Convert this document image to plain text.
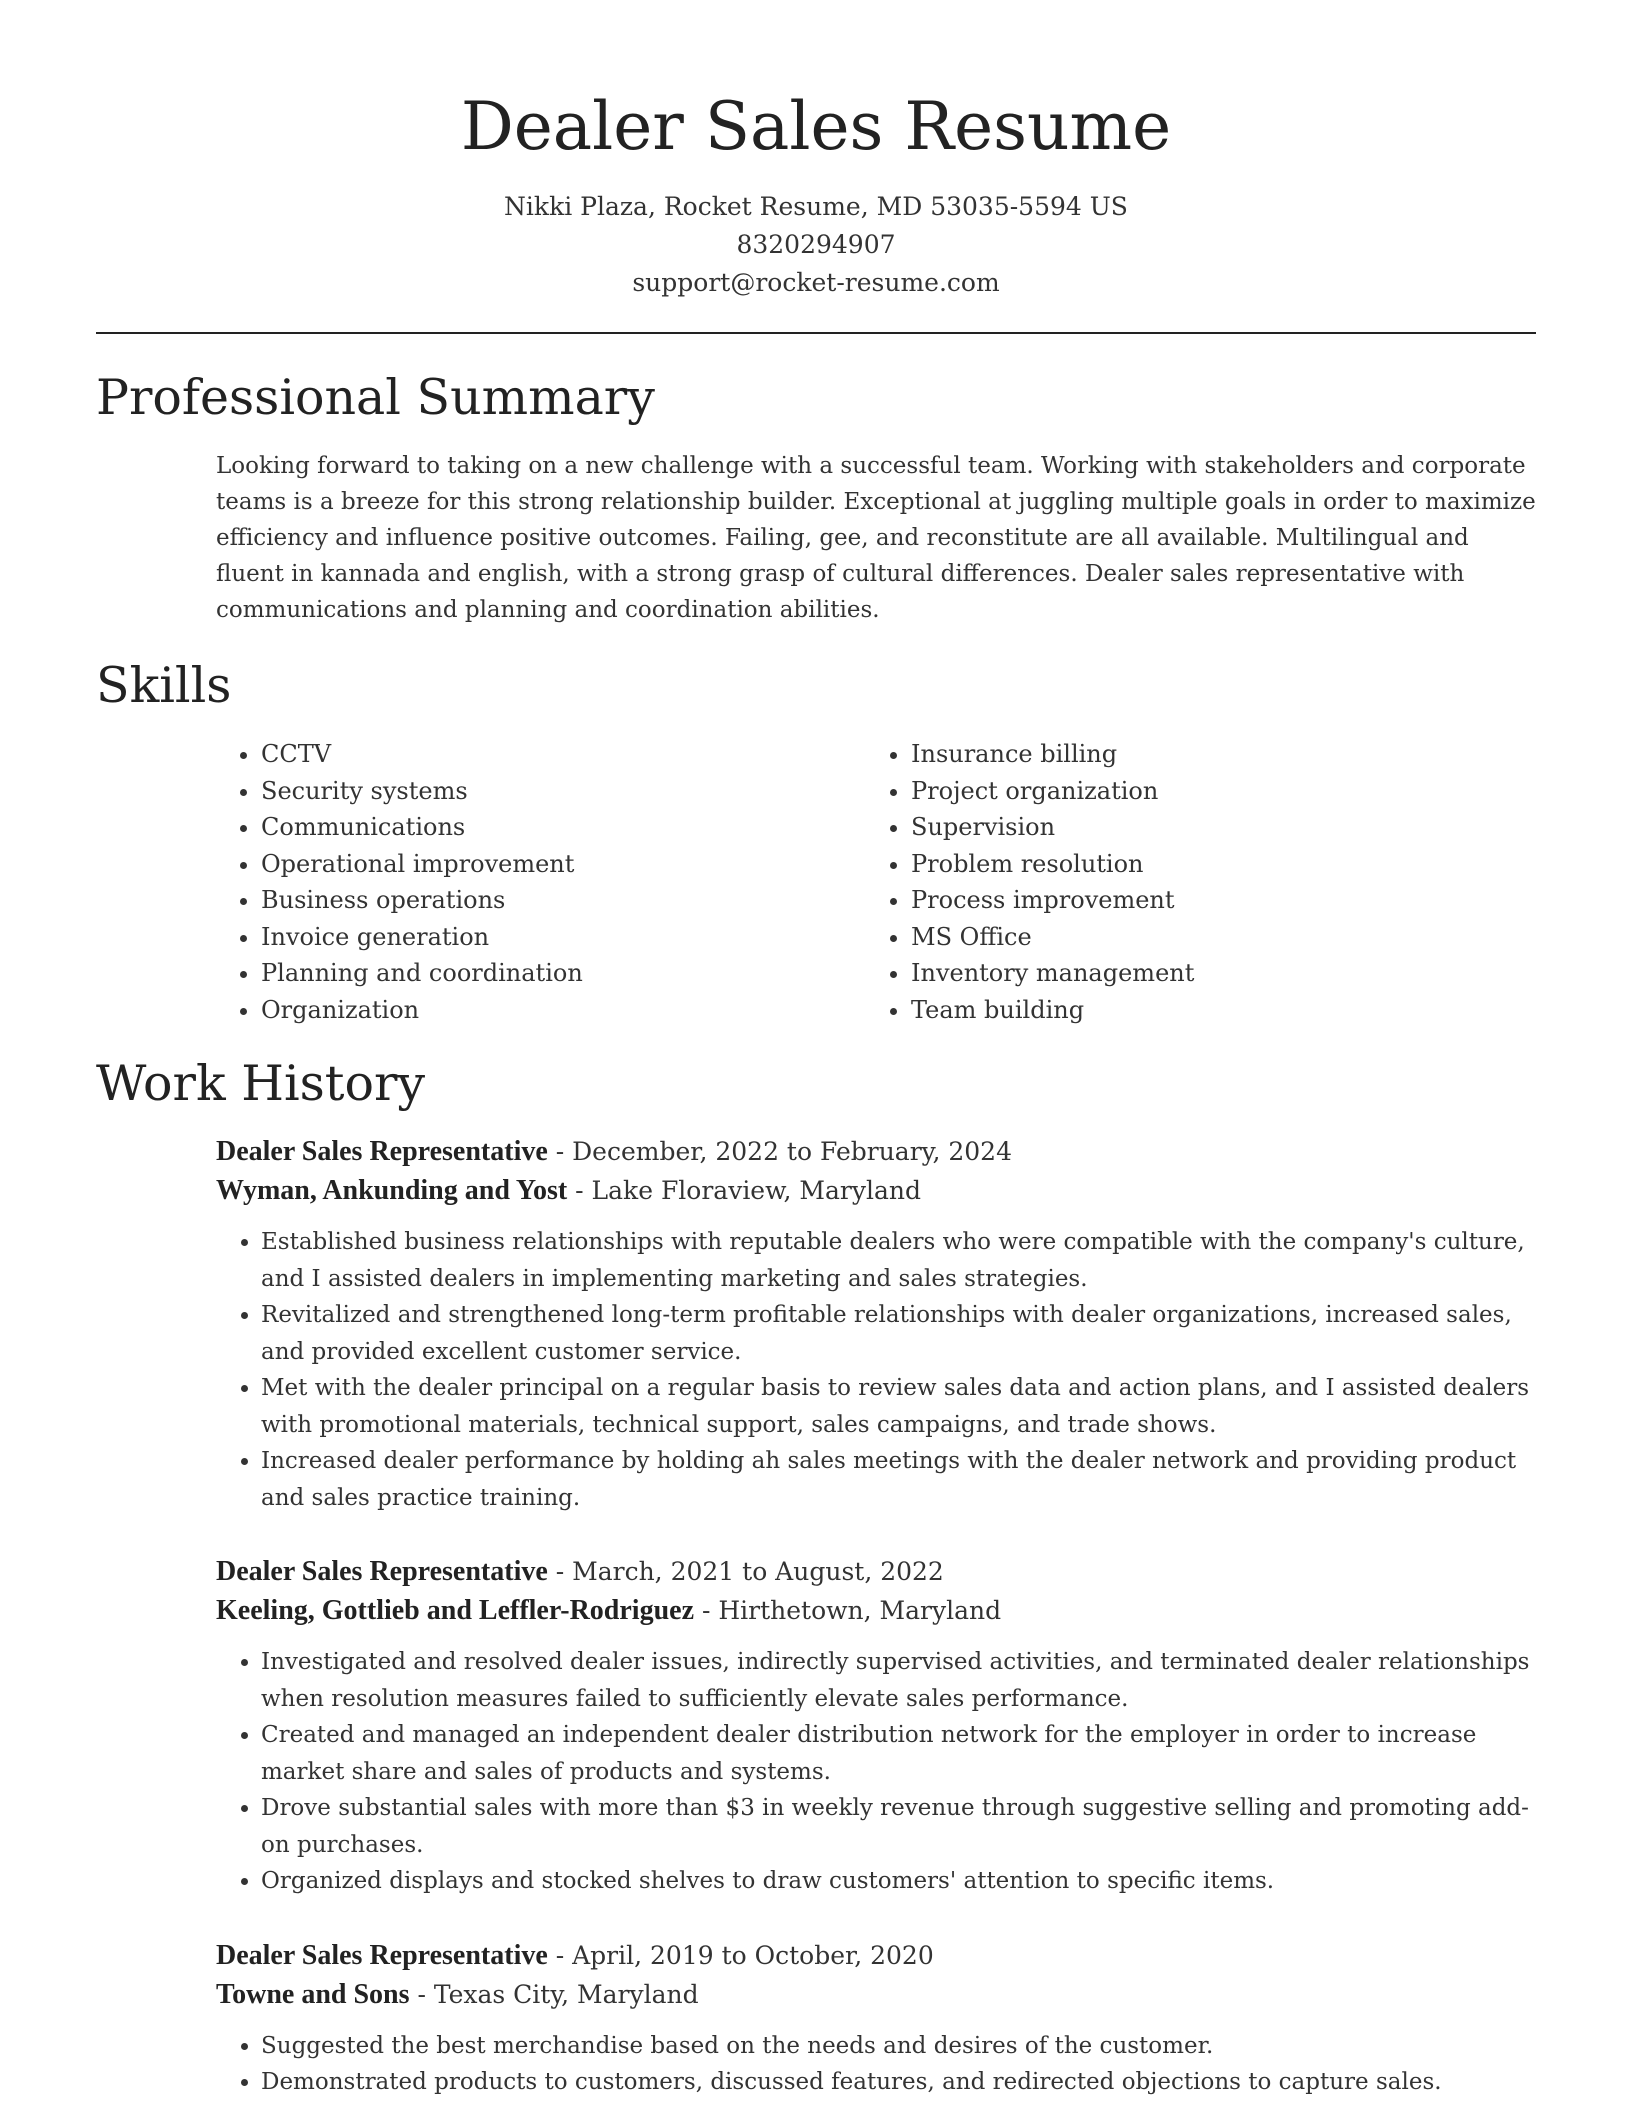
Dealer Sales Resume
Nikki Plaza, Rocket Resume, MD 53035-5594 US
8320294907
support@rocket-resume.com
Professional Summary

Looking forward to taking on a new challenge with a successful team. Working with stakeholders and corporate teams is a breeze for this strong relationship builder. Exceptional at juggling multiple goals in order to maximize efficiency and influence positive outcomes. Failing, gee, and reconstitute are all available. Multilingual and fluent in kannada and english, with a strong grasp of cultural differences. Dealer sales representative with communications and planning and coordination abilities.

Skills
• CCTV
• Security systems
• Communications
• Operational improvement
• Business operations
• Invoice generation
• Planning and coordination
• Organization
• Insurance billing
• Project organization
• Supervision
• Problem resolution
• Process improvement
• MS Office
• Inventory management
• Team building
Work History
Dealer Sales Representative - December, 2022 to February, 2024
Wyman, Ankunding and Yost - Lake Floraview, Maryland
• Established business relationships with reputable dealers who were compatible with the company's culture, and I assisted dealers in implementing marketing and sales strategies.
• Revitalized and strengthened long-term profitable relationships with dealer organizations, increased sales, and provided excellent customer service.
• Met with the dealer principal on a regular basis to review sales data and action plans, and I assisted dealers with promotional materials, technical support, sales campaigns, and trade shows.
• Increased dealer performance by holding ah sales meetings with the dealer network and providing product and sales practice training.
Dealer Sales Representative - March, 2021 to August, 2022
Keeling, Gottlieb and Leffler-Rodriguez - Hirthetown, Maryland
• Investigated and resolved dealer issues, indirectly supervised activities, and terminated dealer relationships when resolution measures failed to sufficiently elevate sales performance.
• Created and managed an independent dealer distribution network for the employer in order to increase market share and sales of products and systems.
• Drove substantial sales with more than $3 in weekly revenue through suggestive selling and promoting add-on purchases.
• Organized displays and stocked shelves to draw customers' attention to specific items.
Dealer Sales Representative - April, 2019 to October, 2020
Towne and Sons - Texas City, Maryland
• Suggested the best merchandise based on the needs and desires of the customer.
• Demonstrated products to customers, discussed features, and redirected objections to capture sales.
